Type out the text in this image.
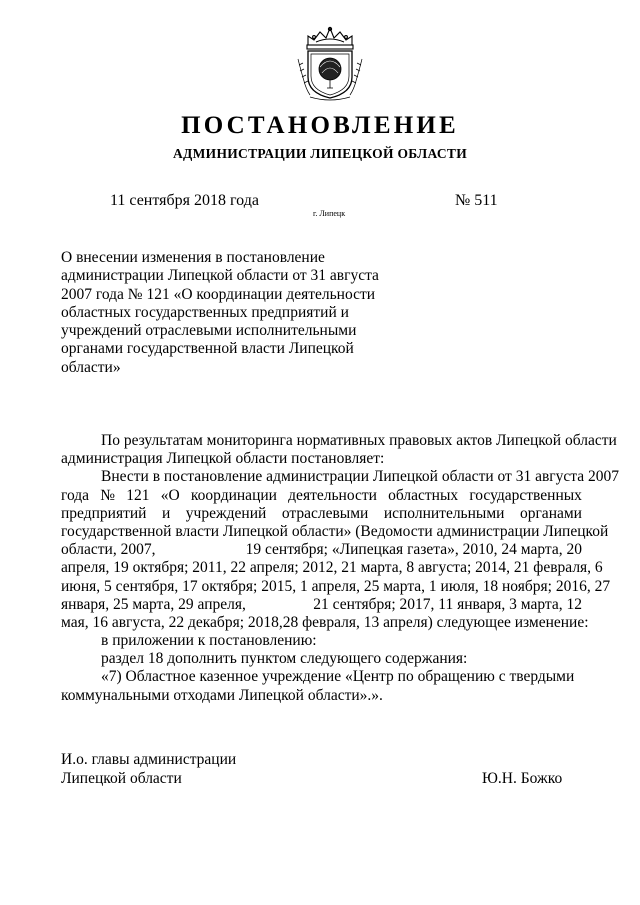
ПОСТАНОВЛЕНИЕ
АДМИНИСТРАЦИИ ЛИПЕЦКОЙ ОБЛАСТИ
11 сентября 2018 года
г. Липецк
№ 511
О внесении изменения в постановление
администрации Липецкой области от 31 августа
2007 года № 121 «О координации деятельности
областных государственных предприятий и
учреждений отраслевыми исполнительными
органами государственной власти Липецкой
области»
По результатам мониторинга нормативных правовых актов Липецкой области
администрация Липецкой области постановляет:
Внести в постановление администрации Липецкой области от 31 августа 2007
года № 121 «О координации деятельности областных государственных
предприятий и учреждений отраслевыми исполнительными органами
государственной власти Липецкой области» (Ведомости администрации Липецкой
области, 2007,	19 сентября; «Липецкая газета», 2010, 24 марта, 20
апреля, 19 октября; 2011, 22 апреля; 2012, 21 марта, 8 августа; 2014, 21 февраля, 6
июня, 5 сентября, 17 октября; 2015, 1 апреля, 25 марта, 1 июля, 18 ноября; 2016, 27
января, 25 марта, 29 апреля,	21 сентября; 2017, 11 января, 3 марта, 12
мая, 16 августа, 22 декабря; 2018,28 февраля, 13 апреля) следующее изменение:
в приложении к постановлению:
раздел 18 дополнить пунктом следующего содержания:
«7) Областное казенное учреждение «Центр по обращению с твердыми
коммунальными отходами Липецкой области».».
И.о. главы администрации
Липецкой области	Ю.Н. Божко
